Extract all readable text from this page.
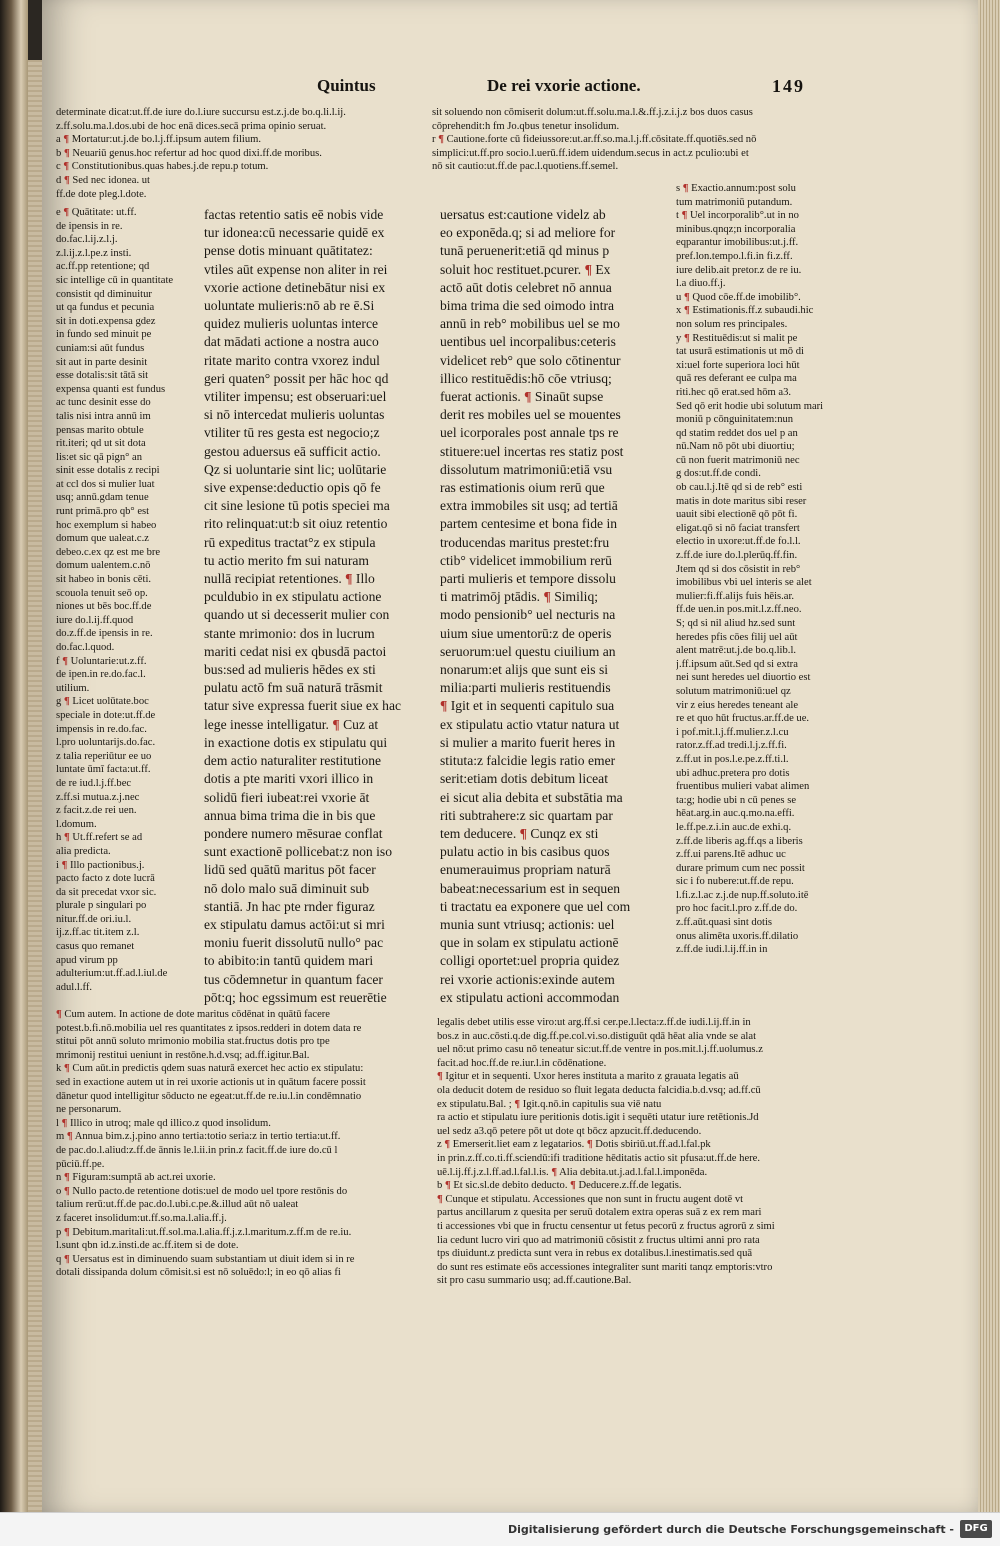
Quintus	De rei vxorie actione.	149

determinate dicat:ut.ff.de iure do.l.iure succursu est.z.j.de bo.q.li.l.ij.

z.ff.solu.ma.l.dos.ubi de hoc enā dices.secā prima opinio seruat.

a ¶ Mortatur:ut.j.de bo.l.j.ff.ipsum autem filium.

b ¶ Neuariū genus.hoc refertur ad hoc quod dixi.ff.de moribus.

c ¶ Constitutionibus.quas habes.j.de repu.p totum.

d ¶ Sed nec idonea. ut

ff.de dote pleg.l.dote.

sit soluendo non cōmiserit dolum:ut.ff.solu.ma.l.&.ff.j.z.i.j.z bos duos casus

cōprehendit:h fm Jo.qbus tenetur insolidum.

r ¶ Cautione.forte cū fideiussore:ut.ar.ff.so.ma.l.j.ff.cōsitate.ff.quotiēs.sed nō

simplici:ut.ff.pro socio.l.uerū.ff.idem uidendum.secus in act.z pculio:ubi et

nō sit cautio:ut.ff.de pac.l.quotiens.ff.semel.

e ¶ Quātitate: ut.ff.

de ipensis in re.

do.fac.l.ij.z.l.j.

z.l.ij.z.l.pe.z insti.

ac.ff.pp retentione; qd

sic intellige cū in quantitate

consistit qd diminuitur

ut qa fundus et pecunia

sit in doti.expensa gdez

in fundo sed minuit pe

cuniam:si aūt fundus

sit aut in parte desinit

esse dotalis:sit tātā sit

expensa quanti est fundus

ac tunc desinit esse do

talis nisi intra annū im

pensas marito obtule

rit.iteri; qd ut sit dota

lis:et sic qā pign° an

sinit esse dotalis z recipi

at ccl dos si mulier luat

usq; annū.gdam tenue

runt primā.pro qb° est

hoc exemplum si habeo

domum que ualeat.c.z

debeo.c.ex qz est me bre

domum ualentem.c.nō

sit habeo in bonis cēti.

scouola tenuit seō op.

niones ut bēs boc.ff.de

iure do.l.ij.ff.quod

do.z.ff.de ipensis in re.

do.fac.l.quod.

f ¶ Uoluntarie:ut.z.ff.

de ipen.in re.do.fac.l.

utilium.

g ¶ Licet uolūtate.boc

speciale in dote:ut.ff.de

impensis in re.do.fac.

l.pro uoluntarijs.do.fac.

z talia reperiūtur ee uo

luntate ūmī facta:ut.ff.

de re iud.l.j.ff.bec

z.ff.si mutua.z.j.nec

z facit.z.de rei uen.

l.domum.

h ¶ Ut.ff.refert se ad

alia predicta.

i ¶ Illo pactionibus.j.

pacto facto z dote lucrā

da sit precedat vxor sic.

plurale p singulari po

nitur.ff.de ori.iu.l.

ij.z.ff.ac tit.item z.l.

casus quo remanet

apud virum pp adulterium:ut.ff.ad.l.iul.de adul.l.ff.

factas retentio satis eē nobis vide

tur idonea:cū necessarie quidē ex

pense dotis minuant quātitatez:

vtiles aūt expense non aliter in rei

vxorie actione detinebātur nisi ex

uoluntate mulieris:nō ab re ē.Si

quidez mulieris uoluntas interce

dat mādati actione a nostra auco

ritate marito contra vxorez indul

geri quaten° possit per hāc hoc qd

vtiliter impensu; est obseruari:uel

si nō intercedat mulieris uoluntas

vtiliter tū res gesta est negocio;z

gestou aduersus eā sufficit actio.

Qz si uoluntarie sint lic; uolūtarie

sive expense:deductio opis qō fe

cit sine lesione tū potis speciei ma

rito relinquat:ut:b sit oiuz retentio

rū expeditus tractat°z ex stipula

tu actio merito fm sui naturam

nullā recipiat retentiones. ¶ Illo

pculdubio in ex stipulatu actione

quando ut si decesserit mulier con

stante mrimonio: dos in lucrum

mariti cedat nisi ex qbusdā pactoi

bus:sed ad mulieris hēdes ex sti

pulatu actō fm suā naturā trāsmit

tatur sive expressa fuerit siue ex hac

lege inesse intelligatur. ¶ Cuz at

in exactione dotis ex stipulatu qui

dem actio naturaliter restitutione

dotis a pte mariti vxori illico in

solidū fieri iubeat:rei vxorie āt

annua bima trima die in bis que

pondere numero mēsurae conflat

sunt exactionē pollicebat:z non iso

lidū sed quātū maritus pōt facer

nō dolo malo suā diminuit sub

stantiā. Jn hac pte rnder figuraz

ex stipulatu damus actōi:ut si mri

moniu fuerit dissolutū nullo° pac

to abibito:in tantū quidem mari

tus cōdemnetur in quantum facer

pōt:q; hoc egssimum est reuerētie

uersatus est:cautione videlz ab

eo exponēda.q; si ad meliore for

tunā peruenerit:etiā qd minus p

soluit hoc restituet.pcurer. ¶ Ex

actō aūt dotis celebret nō annua

bima trima die sed oimodo intra

annū in reb° mobilibus uel se mo

uentibus uel incorpalibus:ceteris

videlicet reb° que solo cōtinentur

illico restituēdis:hō cōe vtriusq;

fuerat actionis. ¶ Sinaūt supse

derit res mobiles uel se mouentes

uel icorporales post annale tps re

stituere:uel incertas res statiz post

dissolutum matrimoniū:etiā vsu

ras estimationis oium rerū que

extra immobiles sit usq; ad tertiā

partem centesime et bona fide in

troducendas maritus prestet:fru

ctib° videlicet immobilium rerū

parti mulieris et tempore dissolu

ti matrimōj ptādis. ¶ Similiq;

modo pensionib° uel necturis na

uium siue umentorū:z de operis

seruorum:uel questu ciuilium an

nonarum:et alijs que sunt eis si

milia:parti mulieris restituendis

¶ Igit et in sequenti capitulo sua

ex stipulatu actio vtatur natura ut

si mulier a marito fuerit heres in

stituta:z falcidie legis ratio emer

serit:etiam dotis debitum liceat

ei sicut alia debita et substātia ma

riti subtrahere:z sic quartam par

tem deducere. ¶ Cunqz ex sti

pulatu actio in bis casibus quos

enumerauimus propriam naturā

babeat:necessarium est in sequen

ti tractatu ea exponere que uel com

munia sunt vtriusq; actionis: uel

que in solam ex stipulatu actionē

colligi oportet:uel propria quidez

rei vxorie actionis:exinde autem

ex stipulatu actioni accommodan

s ¶ Exactio.annum:post solu

tum matrimoniū putandum.

t ¶ Uel incorporalib°.ut in no

minibus.qnqz;n incorporalia

eqparantur imobilibus:ut.j.ff.

pref.lon.tempo.l.fi.in fi.z.ff.

iure delib.ait pretor.z de re iu.

l.a diuo.ff.j.

u ¶ Quod cōe.ff.de imobilib°.

x ¶ Estimationis.ff.z subaudi.hic

non solum res principales.

y ¶ Restituēdis:ut si malit pe

tat usurā estimationis ut mō di

xi:uel forte superiora loci hūt

quā res deferant ee culpa ma

riti.hec qō erat.sed hōm a3.

Sed qō erit hodie ubi solutum mari

moniū p cōnguinitatem:nun

qd statim reddet dos uel p an

nū.Nam nō pōt ubi diuortiu;

cū non fuerit matrimoniū nec

g dos:ut.ff.de condi.

ob cau.l.j.Itē qd si de reb° esti

matis in dote maritus sibi reser

uauit sibi electionē qō pōt fi.

eligat.qō si nō faciat transfert

electio in uxore:ut.ff.de fo.l.l.

z.ff.de iure do.l.plerūq.ff.fin.

Jtem qd si dos cōsistit in reb°

imobilibus vbi uel interis se alet

mulier:fi.ff.alijs fuis hēis.ar.

ff.de uen.in pos.mit.l.z.ff.neo.

S; qd si nil aliud hz.sed sunt

heredes pfis cōes filij uel aūt

alent matrē:ut.j.de bo.q.lib.l.

j.ff.ipsum aūt.Sed qd si extra

nei sunt heredes uel diuortio est

solutum matrimoniū:uel qz

vir z eius heredes teneant ale

re et quo hūt fructus.ar.ff.de ue.

i pof.mit.l.j.ff.mulier.z.l.cu

rator.z.ff.ad tredi.l.j.z.ff.fi.

z.ff.ut in pos.l.e.pe.z.ff.ti.l.

ubi adhuc.pretera pro dotis

fruentibus mulieri vabat alimen

ta:g; hodie ubi n cū penes se

hēat.arg.in auc.q.mo.na.effi.

le.ff.pe.z.i.in auc.de exhi.q.

z.ff.de liberis ag.ff.qs a liberis

z.ff.ui parens.Itē adhuc uc

durare primum cum nec possit

sic i fo nubere:ut.ff.de repu.

l.fi.z.l.ac z.j.de nup.ff.soluto.itē

pro hoc facit.l.pro z.ff.de do.

z.ff.aūt.quasi sint dotis

onus alimēta uxoris.ff.dilatio

z.ff.de iudi.l.ij.ff.in in

¶ Cum autem. In actione de dote maritus cōdēnat in quātū facere

potest.b.fi.nō.mobilia uel res quantitates z ipsos.redderi in dotem data re

stitui pōt annū soluto mrimonio mobilia stat.fructus dotis pro tpe

mrimonij restitui ueniunt in restōne.h.d.vsq; ad.ff.igitur.Bal.

k ¶ Cum aūt.in predictis qdem suas naturā exercet hec actio ex stipulatu:

sed in exactione autem ut in rei uxorie actionis ut in quātum facere possit

dānetur quod intelligitur sōducto ne egeat:ut.ff.de re.iu.l.in condēmnatio

ne personarum.

l ¶ Illico in utroq; male qd illico.z quod insolidum.

m ¶ Annua bim.z.j.pino anno tertia:totio seria:z in tertio tertia:ut.ff.

de pac.do.l.aliud:z.ff.de ānnis le.l.ii.in prin.z facit.ff.de iure do.cū l

pūciū.ff.pe.

n ¶ Figuram:sumptā ab act.rei uxorie.

o ¶ Nullo pacto.de retentione dotis:uel de modo uel tpore restōnis do

talium rerū:ut.ff.de pac.do.l.ubi.c.pe.&.illud aūt nō ualeat

z faceret insolidum:ut.ff.so.ma.l.alia.ff.j.

p ¶ Debitum.maritali:ut.ff.sol.ma.l.alia.ff.j.z.l.maritum.z.ff.m de re.iu.

l.sunt qbn id.z.insti.de ac.ff.item si de dote.

q ¶ Uersatus est in diminuendo suam substantiam ut diuit idem si in re

dotali dissipanda dolum cōmisit.si est nō soluēdo:l; in eo qō alias fi

legalis debet utilis esse viro:ut arg.ff.si cer.pe.l.lecta:z.ff.de iudi.l.ij.ff.in in

bos.z in auc.cōsti.q.de dig.ff.pe.col.vi.so.distiguūt qdā hēat alia vnde se alat

uel nō:ut primo casu nō teneatur sic:ut.ff.de ventre in pos.mit.l.j.ff.uolumus.z

facit.ad hoc.ff.de re.iur.l.in cōdēnatione.

¶ Igitur et in sequenti. Uxor heres instituta a marito z grauata legatis aū

ola deducit dotem de residuo so fluit legata deducta falcidia.b.d.vsq; ad.ff.cū

ex stipulatu.Bal. ; ¶ Igit.q.nō.in capitulis sua viē natu

ra actio et stipulatu iure peritionis dotis.igit i sequēti utatur iure retētionis.Jd

uel sedz a3.qō petere pōt ut dote qt bōcz apzucit.ff.deducendo.

z ¶ Emerserit.liet eam z legatarios. ¶ Dotis sbiriū.ut.ff.ad.l.fal.pk

in prin.z.ff.co.ti.ff.sciendū:ifi traditione hēditatis actio sit pfusa:ut.ff.de here.

uē.l.ij.ff.j.z.l.ff.ad.l.fal.l.is. ¶ Alia debita.ut.j.ad.l.fal.l.imponēda.

b ¶ Et sic.sl.de debito deducto. ¶ Deducere.z.ff.de legatis.

¶ Cunque et stipulatu. Accessiones que non sunt in fructu augent dotē vt

partus ancillarum z quesita per seruū dotalem extra operas suā z ex rem mari

ti accessiones vbi que in fructu censentur ut fetus pecorū z fructus agrorū z simi

lia cedunt lucro viri quo ad matrimoniū cōsistit z fructus ultimi anni pro rata

tps diuidunt.z predicta sunt vera in rebus ex dotalibus.l.inestimatis.sed quā

do sunt res estimate eōs accessiones integraliter sunt mariti tanqz emptoris:vtro

sit pro casu summario usq; ad.ff.cautione.Bal.

Digitalisierung gefördert durch die Deutsche Forschungsgemeinschaft -	DFG
